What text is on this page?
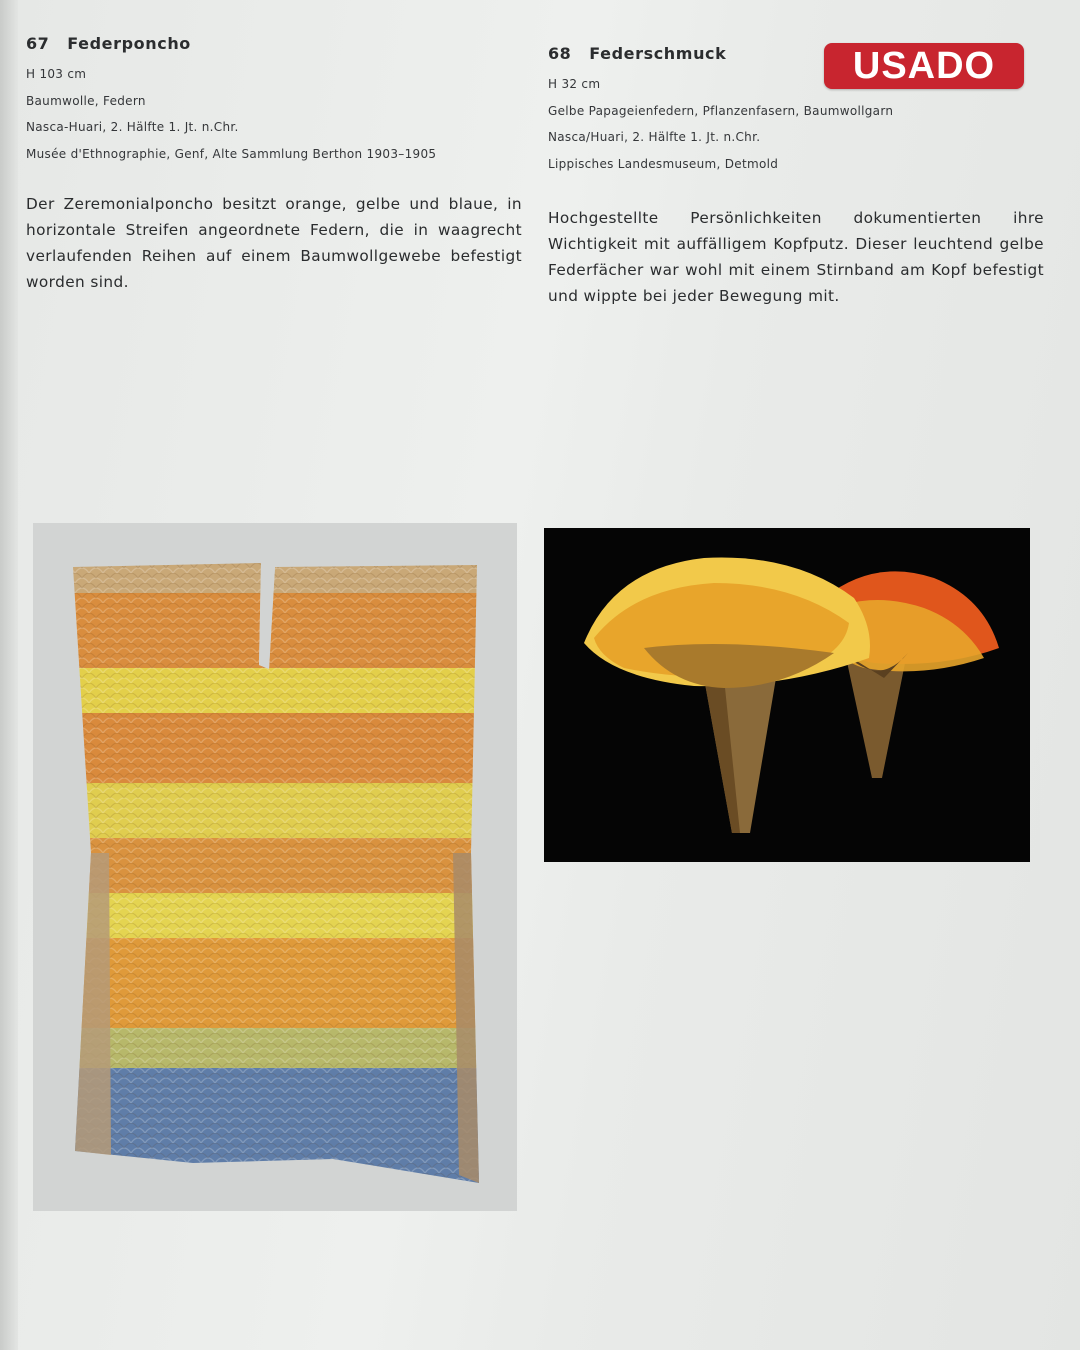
67 Federponcho
H 103 cm
Baumwolle, Federn
Nasca-Huari, 2. Hälfte 1. Jt. n.Chr.
Musée d'Ethnographie, Genf, Alte Sammlung Berthon 1903–1905
Der Zeremonialponcho besitzt orange, gelbe und blaue, in horizontale Streifen angeordnete Federn, die in waagrecht verlaufenden Reihen auf einem Baumwollgewebe befestigt worden sind.
68 Federschmuck
H 32 cm
Gelbe Papageienfedern, Pflanzenfasern, Baumwollgarn
Nasca/Huari, 2. Hälfte 1. Jt. n.Chr.
Lippisches Landesmuseum, Detmold
Hochgestellte Persönlichkeiten dokumentierten ihre Wichtigkeit mit auffälligem Kopfputz. Dieser leuchtend gelbe Federfächer war wohl mit einem Stirnband am Kopf befestigt und wippte bei jeder Bewegung mit.
USADO
